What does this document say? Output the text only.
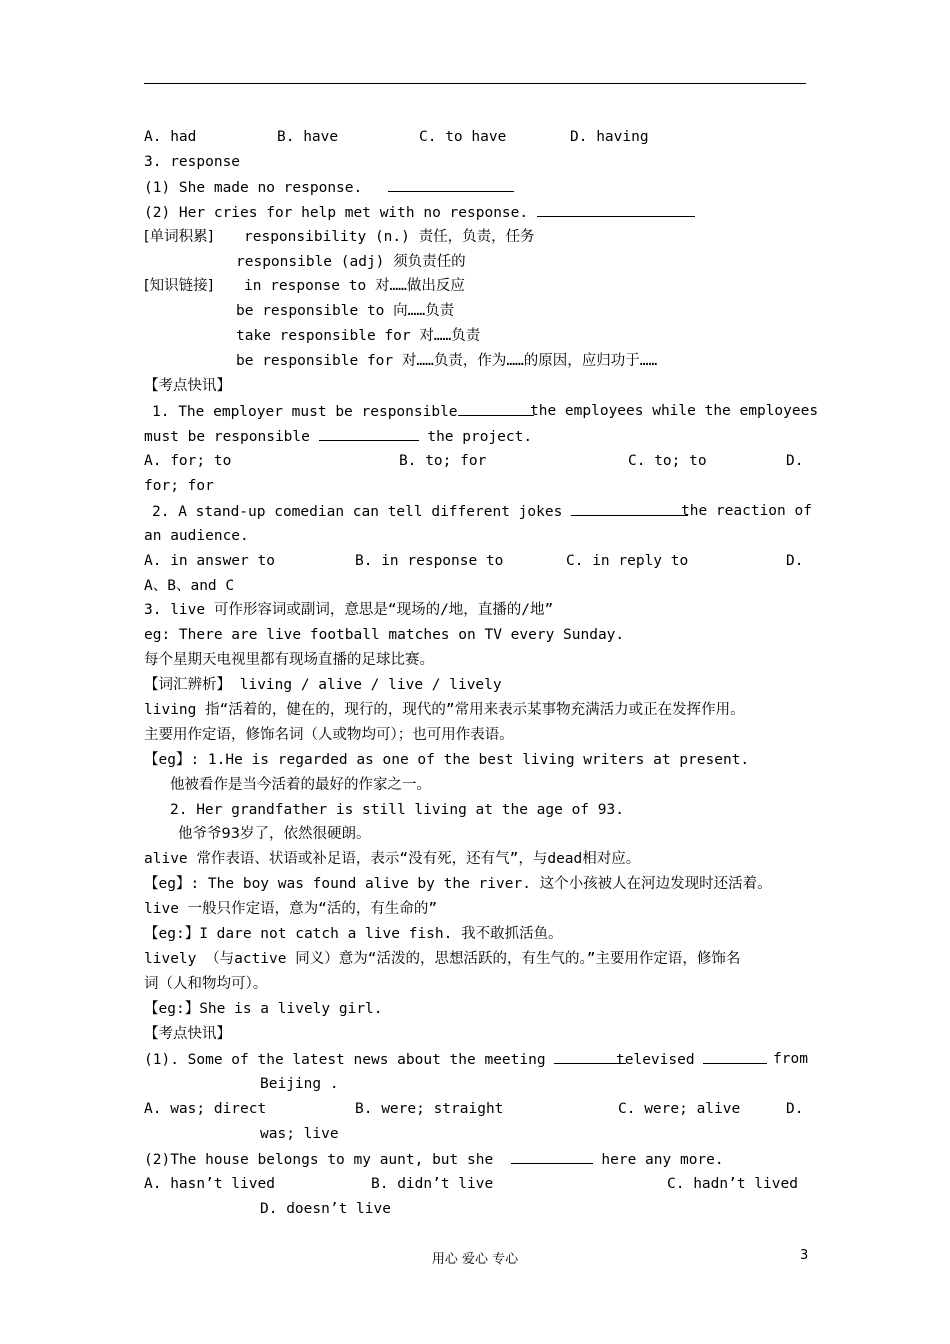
A. had	B. have	C. to have	D. having
3. response
(1) She made no response.
(2) Her cries for help met with no response.
[单词积累] responsibility (n.) 责任，负责，任务
responsible (adj) 须负责任的
[知识链接] in response to 对……做出反应
be responsible to 向……负责
take responsible for 对……负责
be responsible for 对……负责，作为……的原因，应归功于……
【考点快讯】
1. The employer must be responsible	the employees while the employees
must be responsible	the project.
A. for; to	B. to; for	C. to; to	D.
for; for
2. A stand-up comedian can tell different jokes	the reaction of
an audience.
A. in answer to	B. in response to	C. in reply to	D.
A、B、and C
3. live 可作形容词或副词，意思是“现场的/地，直播的/地”
eg: There are live football matches on TV every Sunday.
每个星期天电视里都有现场直播的足球比赛。
【词汇辨析】 living / alive / live / lively
living 指“活着的，健在的，现行的，现代的”常用来表示某事物充满活力或正在发挥作用。
主要用作定语，修饰名词（人或物均可）；也可用作表语。
【eg】: 1.He is regarded as one of the best living writers at present.
他被看作是当今活着的最好的作家之一。
2. Her grandfather is still living at the age of 93.
他爷爷93岁了，依然很硬朗。
alive 常作表语、状语或补足语，表示“没有死，还有气”，与dead相对应。
【eg】: The boy was found alive by the river. 这个小孩被人在河边发现时还活着。
live 一般只作定语，意为“活的，有生命的”
【eg:】I dare not catch a live fish. 我不敢抓活鱼。
lively （与active 同义）意为“活泼的，思想活跃的，有生气的。”主要用作定语，修饰名
词（人和物均可）。
【eg:】She is a lively girl.
【考点快讯】
(1). Some of the latest news about the meeting	televised	from
Beijing .
A. was; direct	B. were; straight	C. were; alive	D.
was; live
(2)The house belongs to my aunt, but she	here any more.
A. hasn’t lived	B. didn’t live	C. hadn’t lived
D. doesn’t live
用心 爱心 专心	3
